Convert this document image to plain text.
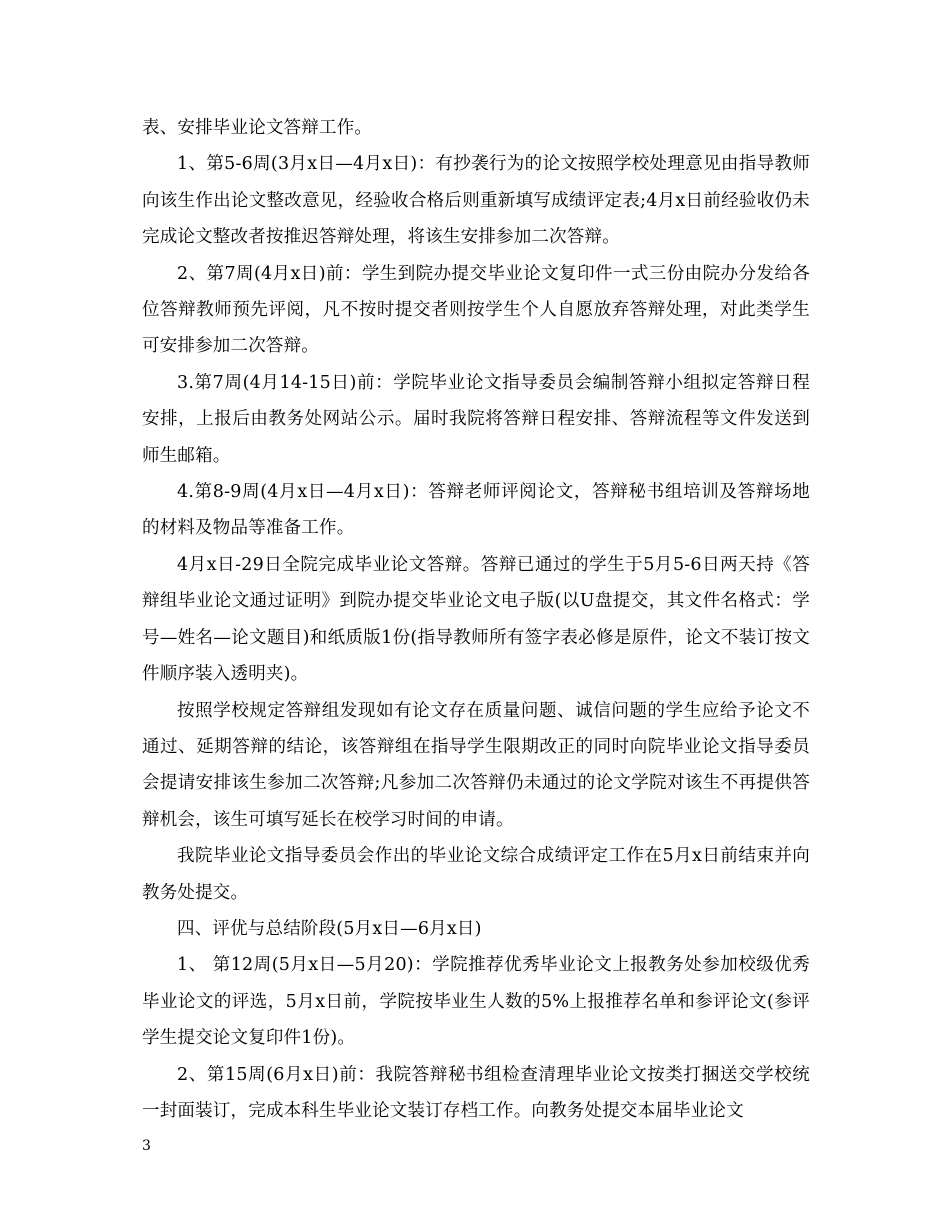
表、安排毕业论文答辩工作。

1、第5-6周(3月x日—4月x日)：有抄袭行为的论文按照学校处理意见由指导教师向该生作出论文整改意见，经验收合格后则重新填写成绩评定表;4月x日前经验收仍未完成论文整改者按推迟答辩处理，将该生安排参加二次答辩。

2、第7周(4月x日)前：学生到院办提交毕业论文复印件一式三份由院办分发给各位答辩教师预先评阅，凡不按时提交者则按学生个人自愿放弃答辩处理，对此类学生可安排参加二次答辩。

3.第7周(4月14-15日)前：学院毕业论文指导委员会编制答辩小组拟定答辩日程安排，上报后由教务处网站公示。届时我院将答辩日程安排、答辩流程等文件发送到师生邮箱。

4.第8-9周(4月x日—4月x日)：答辩老师评阅论文，答辩秘书组培训及答辩场地的材料及物品等准备工作。

4月x日-29日全院完成毕业论文答辩。答辩已通过的学生于5月5-6日两天持《答辩组毕业论文通过证明》到院办提交毕业论文电子版(以U盘提交，其文件名格式：学号—姓名—论文题目)和纸质版1份(指导教师所有签字表必修是原件，论文不装订按文件顺序装入透明夹)。

按照学校规定答辩组发现如有论文存在质量问题、诚信问题的学生应给予论文不通过、延期答辩的结论，该答辩组在指导学生限期改正的同时向院毕业论文指导委员会提请安排该生参加二次答辩;凡参加二次答辩仍未通过的论文学院对该生不再提供答辩机会，该生可填写延长在校学习时间的申请。

我院毕业论文指导委员会作出的毕业论文综合成绩评定工作在5月x日前结束并向教务处提交。

四、评优与总结阶段(5月x日—6月x日)

1、 第12周(5月x日—5月20)：学院推荐优秀毕业论文上报教务处参加校级优秀毕业论文的评选，5月x日前，学院按毕业生人数的5%上报推荐名单和参评论文(参评学生提交论文复印件1份)。

2、第15周(6月x日)前：我院答辩秘书组检查清理毕业论文按类打捆送交学校统一封面装订，完成本科生毕业论文装订存档工作。向教务处提交本届毕业论文

3
